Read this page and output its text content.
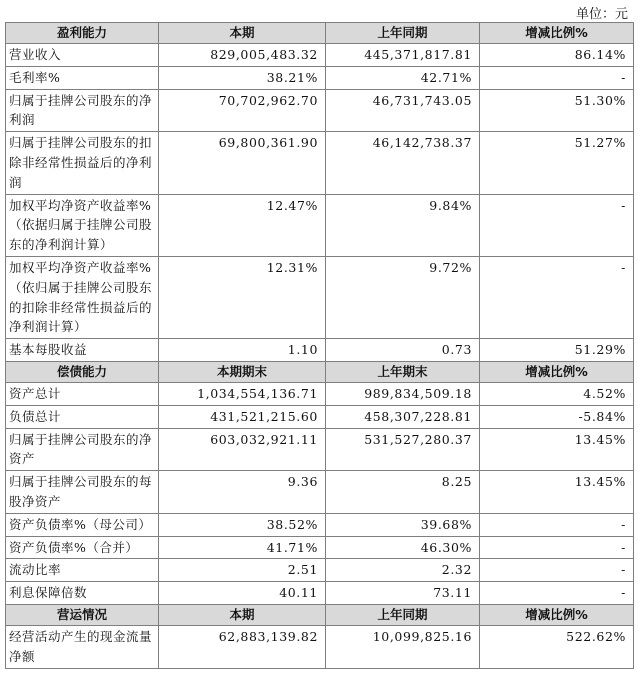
单位：元
盈利能力	本期	上年同期	增减比例%
营业收入	829,005,483.32	445,371,817.81	86.14%
毛利率%	38.21%	42.71%	-
归属于挂牌公司股东的净利润	70,702,962.70	46,731,743.05	51.30%
归属于挂牌公司股东的扣除非经常性损益后的净利润	69,800,361.90	46,142,738.37	51.27%
加权平均净资产收益率%（依据归属于挂牌公司股东的净利润计算）	12.47%	9.84%	-
加权平均净资产收益率%（依归属于挂牌公司股东的扣除非经常性损益后的净利润计算）	12.31%	9.72%	-
基本每股收益	1.10	0.73	51.29%
偿债能力	本期期末	上年期末	增减比例%
资产总计	1,034,554,136.71	989,834,509.18	4.52%
负债总计	431,521,215.60	458,307,228.81	-5.84%
归属于挂牌公司股东的净资产	603,032,921.11	531,527,280.37	13.45%
归属于挂牌公司股东的每股净资产	9.36	8.25	13.45%
资产负债率%（母公司）	38.52%	39.68%	-
资产负债率%（合并）	41.71%	46.30%	-
流动比率	2.51	2.32	-
利息保障倍数	40.11	73.11	-
营运情况	本期	上年同期	增减比例%
经营活动产生的现金流量净额	62,883,139.82	10,099,825.16	522.62%
